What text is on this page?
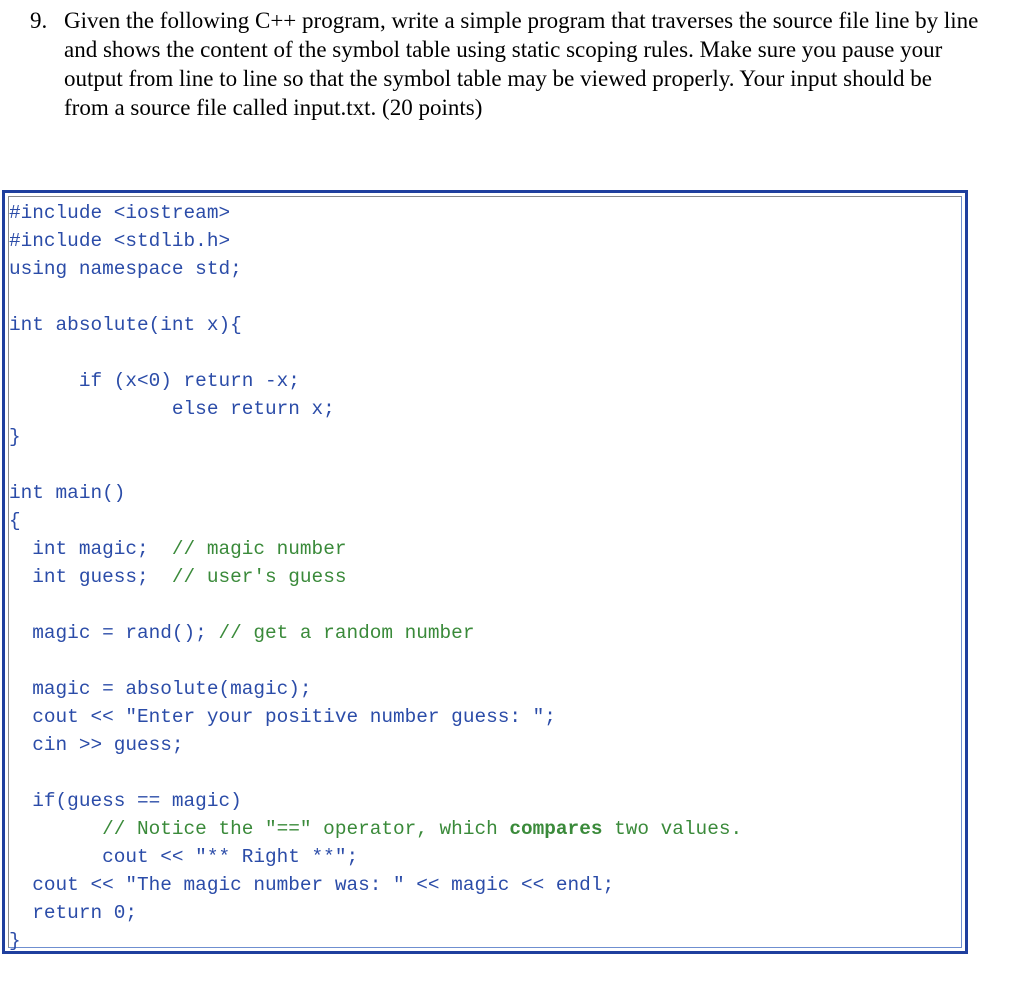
9. Given the following C++ program, write a simple program that traverses the source file line by line and shows the content of the symbol table using static scoping rules. Make sure you pause your output from line to line so that the symbol table may be viewed properly. Your input should be from a source file called input.txt. (20 points)
#include <iostream>
#include <stdlib.h>
using namespace std;
int absolute(int x){
if (x<0) return -x;
else return x;
}
int main()
{
int magic;  // magic number
int guess;  // user's guess
magic = rand(); // get a random number
magic = absolute(magic);
cout << "Enter your positive number guess: ";
cin >> guess;
if(guess == magic)
// Notice the "==" operator, which compares two values.
cout << "** Right **";
cout << "The magic number was: " << magic << endl;
return 0;
}
